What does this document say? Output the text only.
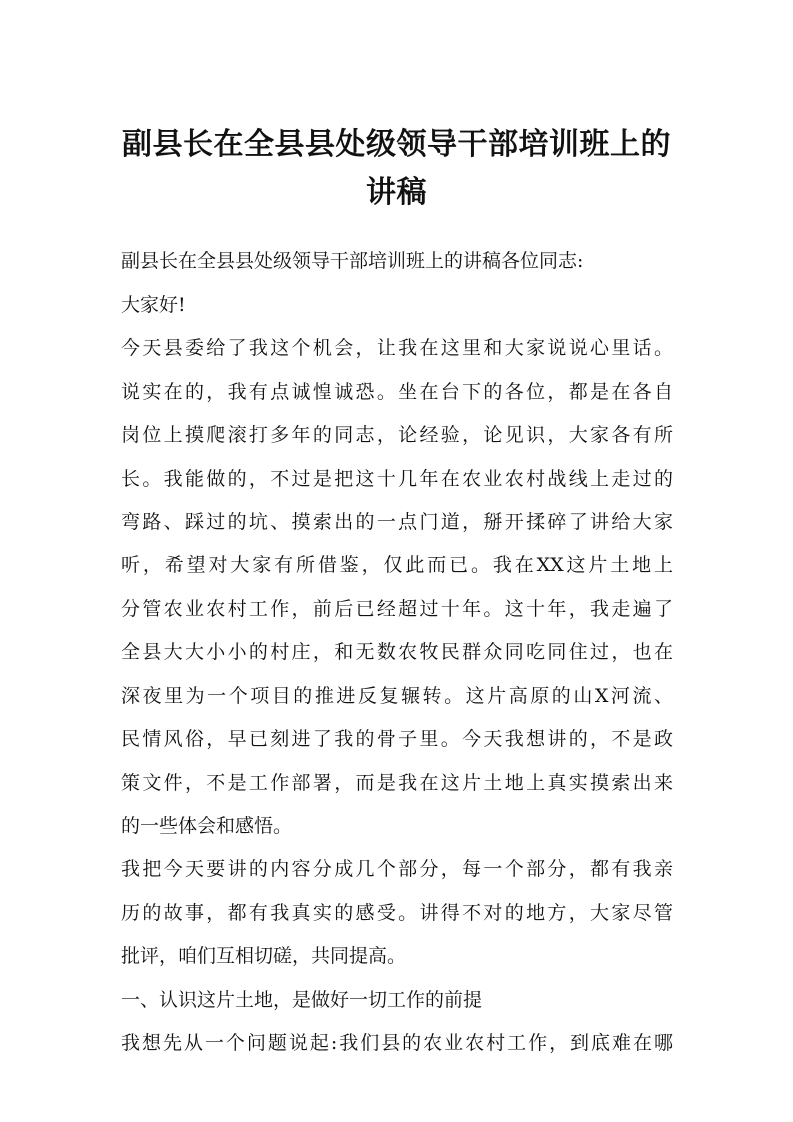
副县长在全县县处级领导干部培训班上的
讲稿

副县长在全县县处级领导干部培训班上的讲稿各位同志:

大家好!

今天县委给了我这个机会，让我在这里和大家说说心里话。

说实在的，我有点诚惶诚恐。坐在台下的各位，都是在各自

岗位上摸爬滚打多年的同志，论经验，论见识，大家各有所

长。我能做的，不过是把这十几年在农业农村战线上走过的

弯路、踩过的坑、摸索出的一点门道，掰开揉碎了讲给大家

听，希望对大家有所借鉴，仅此而已。我在XX这片土地上

分管农业农村工作，前后已经超过十年。这十年，我走遍了

全县大大小小的村庄，和无数农牧民群众同吃同住过，也在

深夜里为一个项目的推进反复辗转。这片高原的山X河流、

民情风俗，早已刻进了我的骨子里。今天我想讲的，不是政

策文件，不是工作部署，而是我在这片土地上真实摸索出来

的一些体会和感悟。

我把今天要讲的内容分成几个部分，每一个部分，都有我亲

历的故事，都有我真实的感受。讲得不对的地方，大家尽管

批评，咱们互相切磋，共同提高。

一、认识这片土地，是做好一切工作的前提

我想先从一个问题说起:我们县的农业农村工作，到底难在哪
